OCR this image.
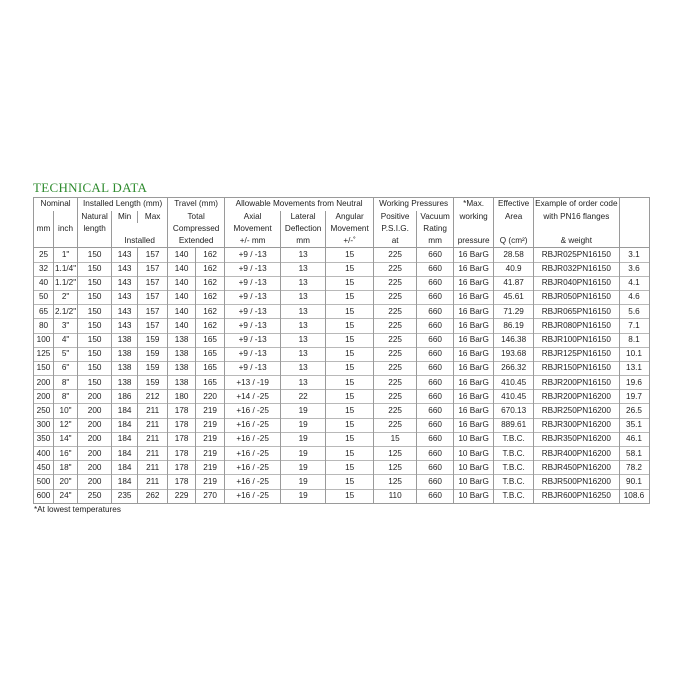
TECHNICAL DATA
Nominal		Installed Length (mm)			Travel (mm)		Allowable Movements from Neutral			Working Pressures		*Max.	Effective	Example of order code	
		Natural	Min	Max	Total		Axial	Lateral	Angular	Positive	Vacuum	working	Area	with PN16 flanges	
mm	inch	length			Compressed		Movement	Deflection	Movement	P.S.I.G.	Rating				
			Installed		Extended		+/- mm	mm	+/-˚	at	mm	pressure	Q (cm²)	& weight	
25	1"	150	143	157	140	162	+9 / -13	13	15	225	660	16 BarG	28.58	RBJR025PN16150	3.1
32	1.1/4"	150	143	157	140	162	+9 / -13	13	15	225	660	16 BarG	40.9	RBJR032PN16150	3.6
40	1.1/2"	150	143	157	140	162	+9 / -13	13	15	225	660	16 BarG	41.87	RBJR040PN16150	4.1
50	2"	150	143	157	140	162	+9 / -13	13	15	225	660	16 BarG	45.61	RBJR050PN16150	4.6
65	2.1/2"	150	143	157	140	162	+9 / -13	13	15	225	660	16 BarG	71.29	RBJR065PN16150	5.6
80	3"	150	143	157	140	162	+9 / -13	13	15	225	660	16 BarG	86.19	RBJR080PN16150	7.1
100	4"	150	138	159	138	165	+9 / -13	13	15	225	660	16 BarG	146.38	RBJR100PN16150	8.1
125	5"	150	138	159	138	165	+9 / -13	13	15	225	660	16 BarG	193.68	RBJR125PN16150	10.1
150	6"	150	138	159	138	165	+9 / -13	13	15	225	660	16 BarG	266.32	RBJR150PN16150	13.1
200	8"	150	138	159	138	165	+13 / -19	13	15	225	660	16 BarG	410.45	RBJR200PN16150	19.6
200	8"	200	186	212	180	220	+14 / -25	22	15	225	660	16 BarG	410.45	RBJR200PN16200	19.7
250	10"	200	184	211	178	219	+16 / -25	19	15	225	660	16 BarG	670.13	RBJR250PN16200	26.5
300	12"	200	184	211	178	219	+16 / -25	19	15	225	660	16 BarG	889.61	RBJR300PN16200	35.1
350	14"	200	184	211	178	219	+16 / -25	19	15	15	660	10 BarG	T.B.C.	RBJR350PN16200	46.1
400	16"	200	184	211	178	219	+16 / -25	19	15	125	660	10 BarG	T.B.C.	RBJR400PN16200	58.1
450	18"	200	184	211	178	219	+16 / -25	19	15	125	660	10 BarG	T.B.C.	RBJR450PN16200	78.2
500	20"	200	184	211	178	219	+16 / -25	19	15	125	660	10 BarG	T.B.C.	RBJR500PN16200	90.1
600	24"	250	235	262	229	270	+16 / -25	19	15	110	660	10 BarG	T.B.C.	RBJR600PN16250	108.6
*At lowest temperatures
